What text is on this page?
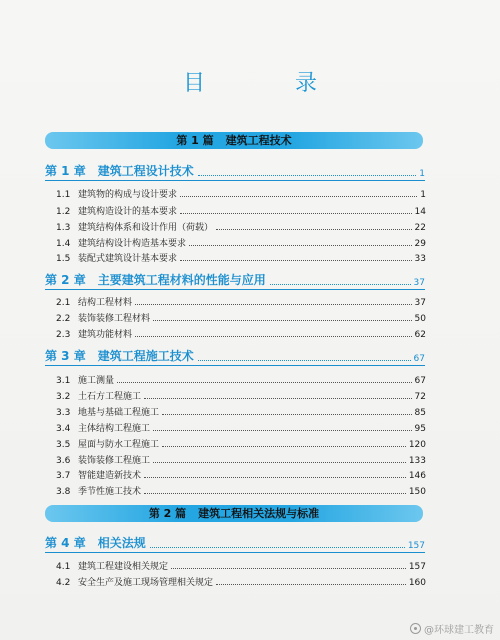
目　录
第 1 篇 建筑工程技术
第 1 章 建筑工程设计技术	1
1.1 建筑物的构成与设计要求	1
1.2 建筑构造设计的基本要求	14
1.3 建筑结构体系和设计作用（荷载）	22
1.4 建筑结构设计构造基本要求	29
1.5 装配式建筑设计基本要求	33
第 2 章 主要建筑工程材料的性能与应用	37
2.1 结构工程材料	37
2.2 装饰装修工程材料	50
2.3 建筑功能材料	62
第 3 章 建筑工程施工技术	67
3.1 施工测量	67
3.2 土石方工程施工	72
3.3 地基与基础工程施工	85
3.4 主体结构工程施工	95
3.5 屋面与防水工程施工	120
3.6 装饰装修工程施工	133
3.7 智能建造新技术	146
3.8 季节性施工技术	150
第 2 篇 建筑工程相关法规与标准
第 4 章 相关法规	157
4.1 建筑工程建设相关规定	157
4.2 安全生产及施工现场管理相关规定	160
@环球建工教育
